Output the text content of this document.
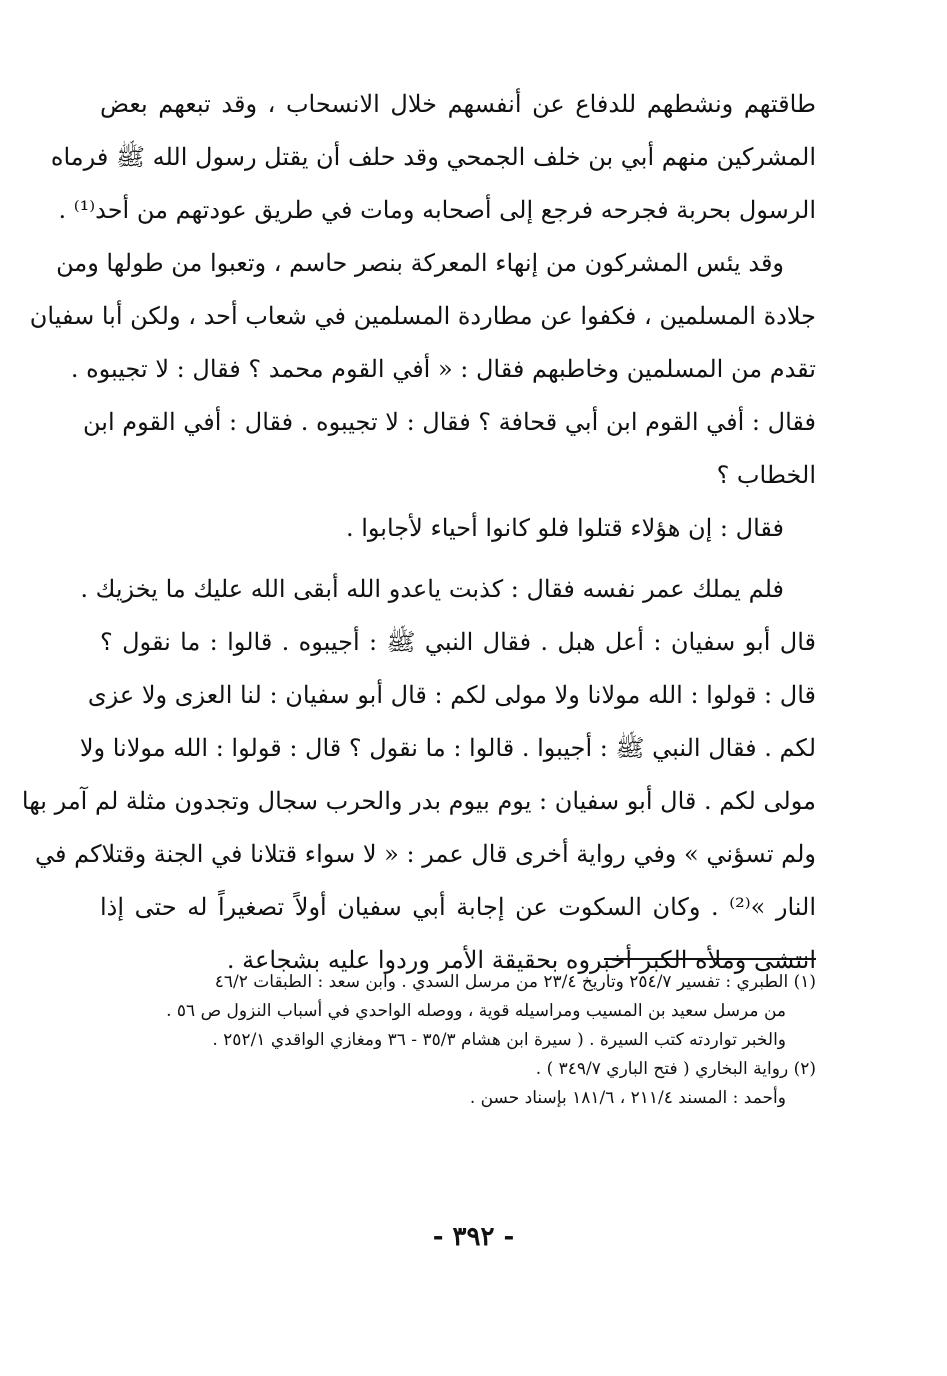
طاقتهم ونشطهم للدفاع عن أنفسهم خلال الانسحاب ، وقد تبعهم بعض
المشركين منهم أبي بن خلف الجمحي وقد حلف أن يقتل رسول الله ﷺ فرماه
الرسول بحربة فجرحه فرجع إلى أصحابه ومات في طريق عودتهم من أحد⁽¹⁾ .
وقد يئس المشركون من إنهاء المعركة بنصر حاسم ، وتعبوا من طولها ومن
جلادة المسلمين ، فكفوا عن مطاردة المسلمين في شعاب أحد ، ولكن أبا سفيان
تقدم من المسلمين وخاطبهم فقال : « أفي القوم محمد ؟ فقال : لا تجيبوه .
فقال : أفي القوم ابن أبي قحافة ؟ فقال : لا تجيبوه . فقال : أفي القوم ابن
الخطاب ؟
فقال : إن هؤلاء قتلوا فلو كانوا أحياء لأجابوا .
فلم يملك عمر نفسه فقال : كذبت ياعدو الله أبقى الله عليك ما يخزيك .
قال أبو سفيان : أعل هبل . فقال النبي ﷺ : أجيبوه . قالوا : ما نقول ؟
قال : قولوا : الله مولانا ولا مولى لكم : قال أبو سفيان : لنا العزى ولا عزى
لكم . فقال النبي ﷺ : أجيبوا . قالوا : ما نقول ؟ قال : قولوا : الله مولانا ولا
مولى لكم . قال أبو سفيان : يوم بيوم بدر والحرب سجال وتجدون مثلة لم آمر بها
ولم تسؤني » وفي رواية أخرى قال عمر : « لا سواء قتلانا في الجنة وقتلاكم في
النار »⁽²⁾ . وكان السكوت عن إجابة أبي سفيان أولاً تصغيراً له حتى إذا
انتشى وملأه الكبر أخبروه بحقيقة الأمر وردوا عليه بشجاعة .
(١) الطبري : تفسير ٢٥٤/٧ وتاريخ ٢٣/٤ من مرسل السدي . وابن سعد : الطبقات ٤٦/٢
من مرسل سعيد بن المسيب ومراسيله قوية ، ووصله الواحدي في أسباب النزول ص ٥٦ .
والخبر تواردته كتب السيرة . ( سيرة ابن هشام ٣٥/٣ - ٣٦ ومغازي الواقدي ٢٥٢/١ .
(٢) رواية البخاري ( فتح الباري ٣٤٩/٧ ) .
وأحمد : المسند ٢١١/٤ ، ١٨١/٦ بإسناد حسن .
- ٣٩٢ -
